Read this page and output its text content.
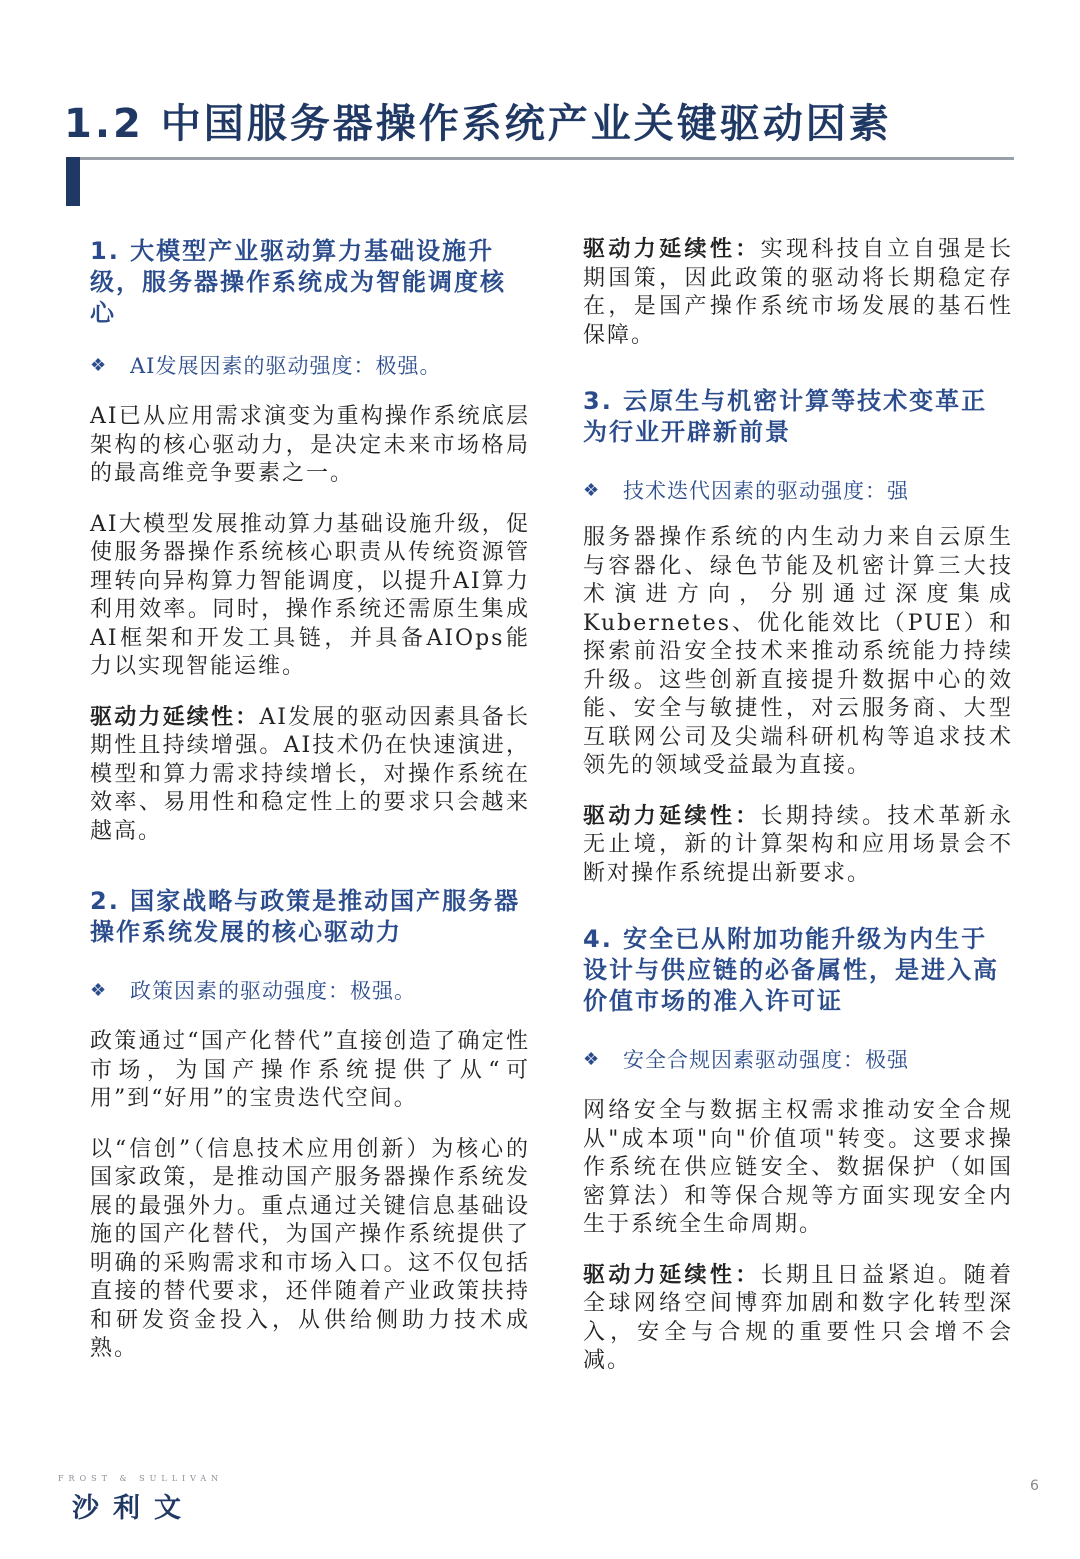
1.2 中国服务器操作系统产业关键驱动因素
1. 大模型产业驱动算力基础设施升级，服务器操作系统成为智能调度核心
❖	AI发展因素的驱动强度：极强。

AI已从应用需求演变为重构操作系统底层架构的核心驱动力，是决定未来市场格局的最高维竞争要素之一。

AI大模型发展推动算力基础设施升级，促使服务器操作系统核心职责从传统资源管理转向异构算力智能调度，以提升AI算力利用效率。同时，操作系统还需原生集成AI框架和开发工具链，并具备AIOps能力以实现智能运维。

驱动力延续性：AI发展的驱动因素具备长期性且持续增强。AI技术仍在快速演进，模型和算力需求持续增长，对操作系统在效率、易用性和稳定性上的要求只会越来越高。

2. 国家战略与政策是推动国产服务器操作系统发展的核心驱动力
❖	政策因素的驱动强度：极强。

政策通过“国产化替代”直接创造了确定性市场，为国产操作系统提供了从“可用”到“好用”的宝贵迭代空间。

以“信创”（信息技术应用创新）为核心的国家政策，是推动国产服务器操作系统发展的最强外力。重点通过关键信息基础设施的国产化替代，为国产操作系统提供了明确的采购需求和市场入口。这不仅包括直接的替代要求，还伴随着产业政策扶持和研发资金投入，从供给侧助力技术成熟。

驱动力延续性：实现科技自立自强是长期国策，因此政策的驱动将长期稳定存在，是国产操作系统市场发展的基石性保障。

3. 云原生与机密计算等技术变革正为行业开辟新前景
❖	技术迭代因素的驱动强度：强

服务器操作系统的内生动力来自云原生与容器化、绿色节能及机密计算三大技术演进方向，分别通过深度集成Kubernetes、优化能效比（PUE）和探索前沿安全技术来推动系统能力持续升级。这些创新直接提升数据中心的效能、安全与敏捷性，对云服务商、大型互联网公司及尖端科研机构等追求技术领先的领域受益最为直接。

驱动力延续性：长期持续。技术革新永无止境，新的计算架构和应用场景会不断对操作系统提出新要求。

4. 安全已从附加功能升级为内生于设计与供应链的必备属性，是进入高价值市场的准入许可证
❖	安全合规因素驱动强度：极强

网络安全与数据主权需求推动安全合规从"成本项"向"价值项"转变。这要求操作系统在供应链安全、数据保护（如国密算法）和等保合规等方面实现安全内生于系统全生命周期。

驱动力延续性：长期且日益紧迫。随着全球网络空间博弈加剧和数字化转型深入，安全与合规的重要性只会增不会减。

FROST & SULLIVAN
沙利文
6
